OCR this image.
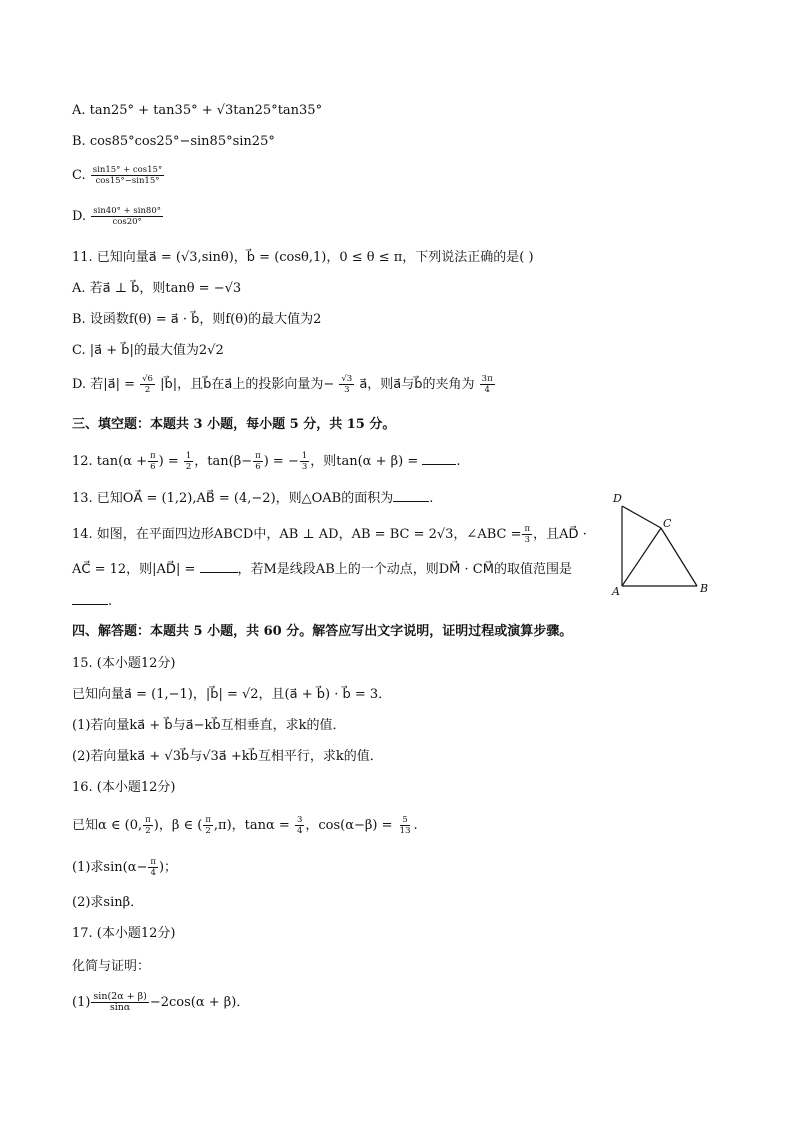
A. tan25° + tan35° + √3tan25°tan35°
B. cos85°cos25°−sin85°sin25°
C. $\frac{\sin 15^\circ + \cos 15^\circ}{\cos 15^\circ-\sin 15^\circ}$
D. $\frac{\sin 40^\circ + \sin 80^\circ}{\cos 20^\circ}$
11. 已知向量a⃗ = (√3,sinθ)，b⃗ = (cosθ,1)，0 ≤ θ ≤ π，下列说法正确的是( )
A. 若a⃗ ⊥ b⃗，则tanθ = −√3
B. 设函数f(θ) = a⃗ · b⃗，则f(θ)的最大值为2
C. |a⃗ + b⃗|的最大值为2√2
D. 若|a⃗| = $\frac{√6}{2}$ |b⃗|，且b⃗在a⃗上的投影向量为− $\frac{√3}{3}$ a⃗，则a⃗与b⃗的夹角为 $\frac{3\pi}{4}$
三、填空题：本题共 3 小题，每小题 5 分，共 15 分。
12. $\tan(\alpha + \frac{\pi}{6}$ ) = $\frac{1}{2}$ ，$\tan(\beta- \frac{\pi}{6}$ ) = − $\frac{1}{3}$ ，则tan(α + β) =	.
13. 已知OA⃗ = (1,2),AB⃗ = (4,−2)，则△OAB的面积为	.
14. 如图，在平面四边形ABCD中，AB ⊥ AD，AB = BC = 2√3，∠ABC = $\frac{\pi}{3}$ ，且AD⃗ ·
AC⃗ = 12，则|AD⃗| =	，若M是线段AB上的一个动点，则DM⃗ · CM⃗的取值范围是
.
D
C
A	B
四、解答题：本题共 5 小题，共 60 分。解答应写出文字说明，证明过程或演算步骤。
15. (本小题12分)
已知向量a⃗ = (1,−1)，|b⃗| = √2，且(a⃗ + b⃗) · b⃗ = 3．
(1)若向量ka⃗ + b⃗与a⃗−kb⃗互相垂直，求k的值．
(2)若向量ka⃗ + √3b⃗与√3a⃗ +kb⃗互相平行，求k的值．
16. (本小题12分)
已知α ∈ (0, $\frac{\pi}{2}$ )，β ∈ ( $\frac{\pi}{2} ,\pi$)，$\tan\alpha = \frac{3}{4}$ ，$\cos(\alpha-\beta) = \frac{5}{13}$ .
(1)求$\sin(\alpha- \frac{\pi}{4}$ )；
(2)求sinβ．
17. (本小题12分)
化简与证明：
$(1) \frac{\sin(2\alpha + \beta)}{\sin\alpha} -2\cos(\alpha + \beta)$．
